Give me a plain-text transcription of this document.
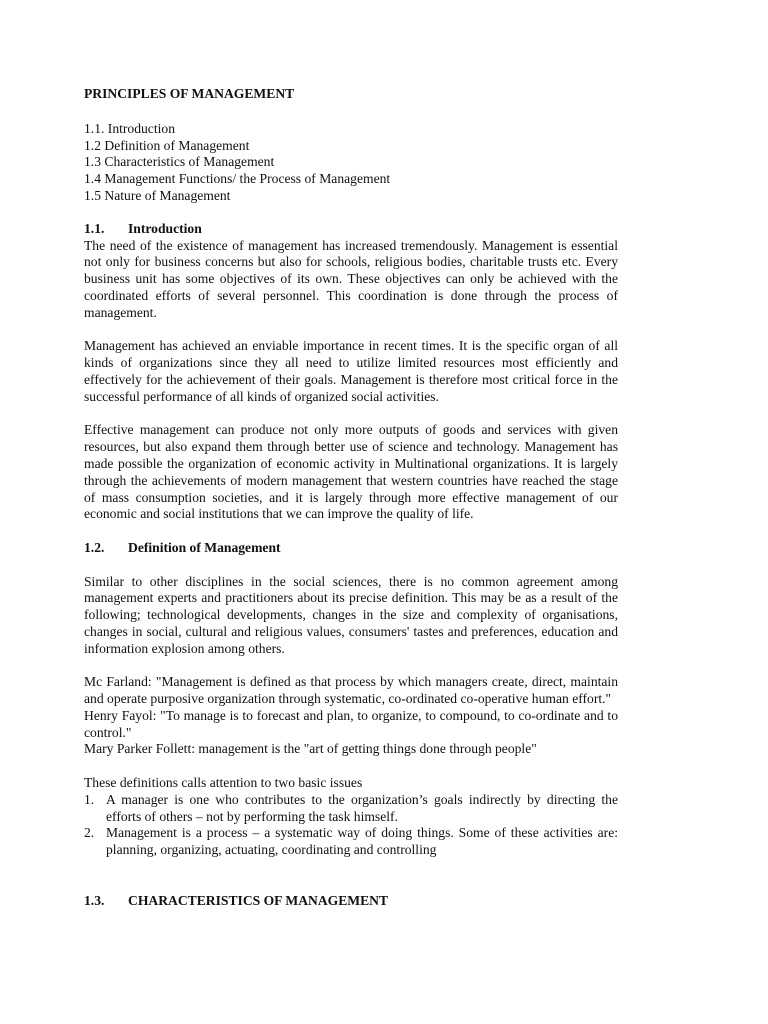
PRINCIPLES OF MANAGEMENT

1.1. Introduction

1.2 Definition of Management

1.3 Characteristics of Management

1.4 Management Functions/ the Process of Management

1.5 Nature of Management

1.1.	Introduction

The need of the existence of management has increased tremendously. Management is essential not only for business concerns but also for schools, religious bodies, charitable trusts etc. Every business unit has some objectives of its own. These objectives can only be achieved with the coordinated efforts of several personnel. This coordination is done through the process of management.

Management has achieved an enviable importance in recent times. It is the specific organ of all kinds of organizations since they all need to utilize limited resources most efficiently and effectively for the achievement of their goals. Management is therefore most critical force in the successful performance of all kinds of organized social activities.

Effective management can produce not only more outputs of goods and services with given resources, but also expand them through better use of science and technology. Management has made possible the organization of economic activity in Multinational organizations. It is largely through the achievements of modern management that western countries have reached the stage of mass consumption societies, and it is largely through more effective management of our economic and social institutions that we can improve the quality of life.

1.2.	Definition of Management

Similar to other disciplines in the social sciences, there is no common agreement among management experts and practitioners about its precise definition. This may be as a result of the following; technological developments, changes in the size and complexity of organisations, changes in social, cultural and religious values, consumers' tastes and preferences, education and information explosion among others.

Mc Farland: "Management is defined as that process by which managers create, direct, maintain and operate purposive organization through systematic, co-ordinated co-operative human effort."

Henry Fayol: "To manage is to forecast and plan, to organize, to compound, to co-ordinate and to control."

Mary Parker Follett: management is the "art of getting things done through people"

These definitions calls attention to two basic issues

1. A manager is one who contributes to the organization’s goals indirectly by directing the efforts of others – not by performing the task himself.
2. Management is a process – a systematic way of doing things. Some of these activities are: planning, organizing, actuating, coordinating and controlling
1.3.	CHARACTERISTICS OF MANAGEMENT
